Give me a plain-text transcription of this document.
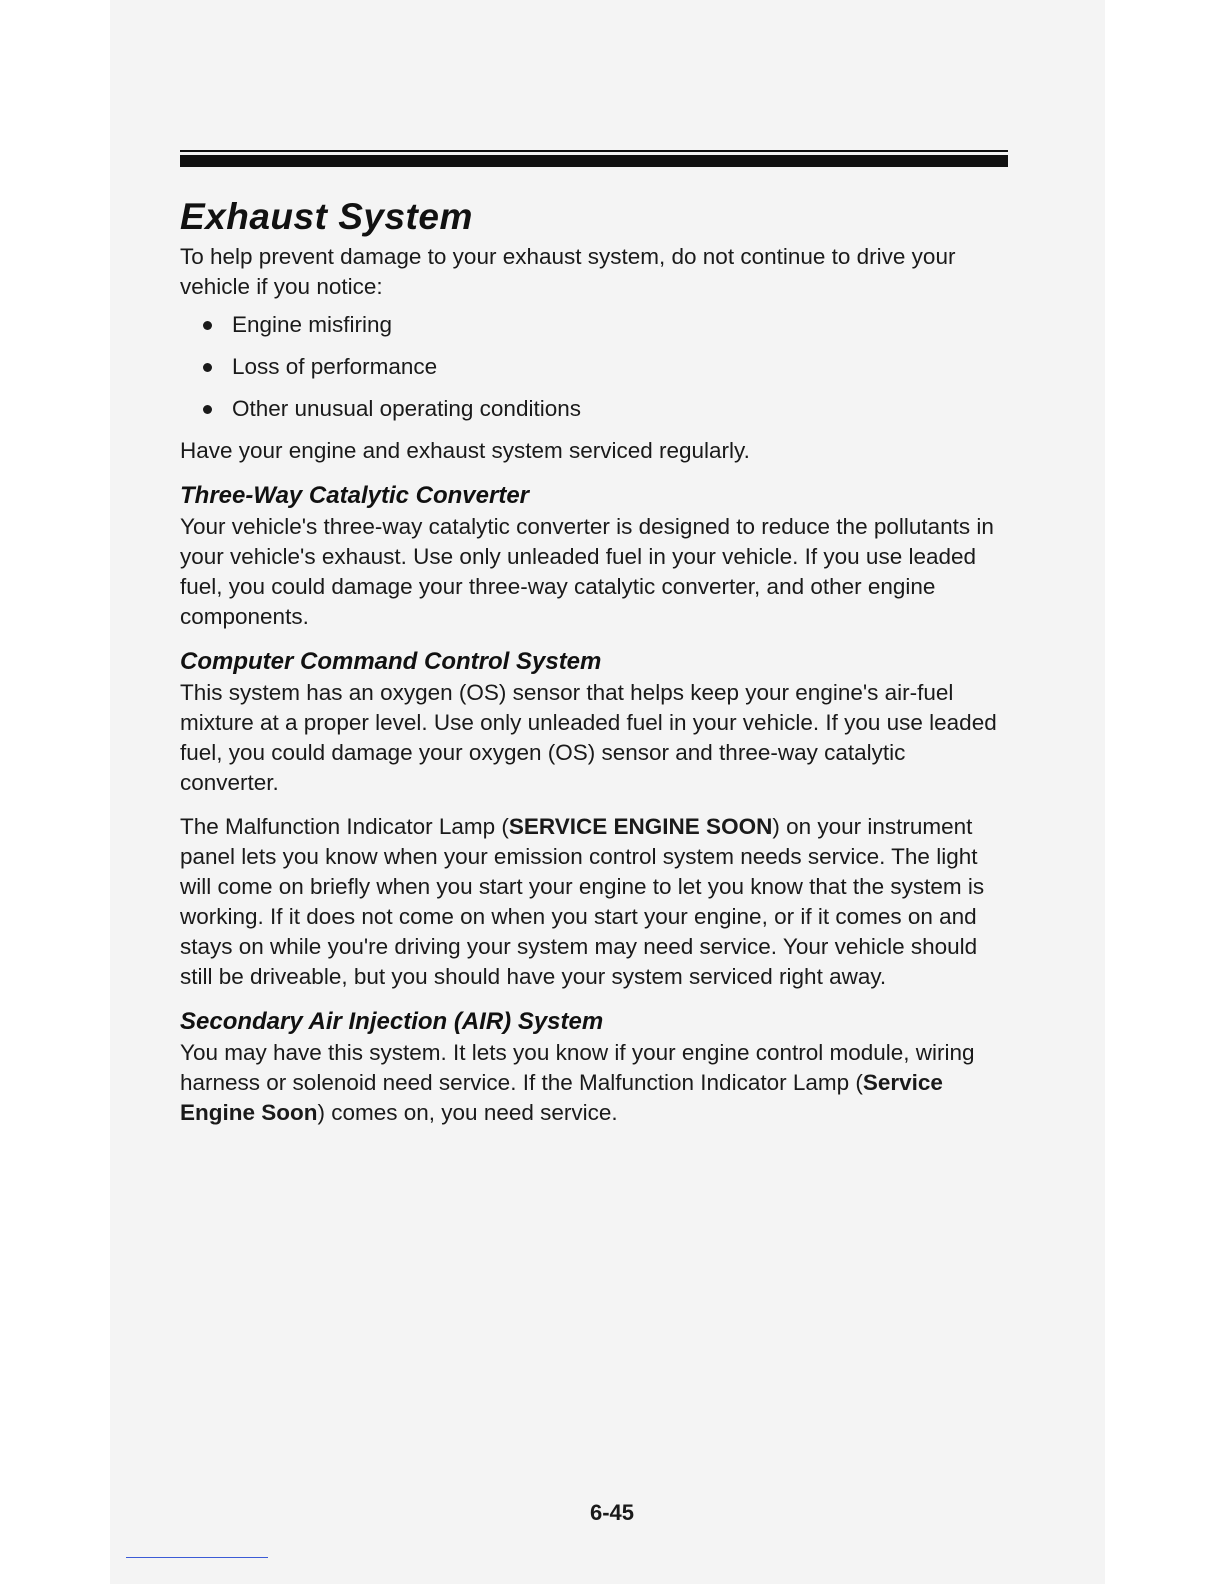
Exhaust System

To help prevent damage to your exhaust system, do not continue to drive your vehicle if you notice:

Engine misfiring
Loss of performance
Other unusual operating conditions

Have your engine and exhaust system serviced regularly.

Three-Way Catalytic Converter

Your vehicle's three-way catalytic converter is designed to reduce the pollutants in your vehicle's exhaust. Use only unleaded fuel in your vehicle. If you use leaded fuel, you could damage your three-way catalytic converter, and other engine components.

Computer Command Control System

This system has an oxygen (OS) sensor that helps keep your engine's air-fuel mixture at a proper level. Use only unleaded fuel in your vehicle. If you use leaded fuel, you could damage your oxygen (OS) sensor and three-way catalytic converter.

The Malfunction Indicator Lamp (SERVICE ENGINE SOON) on your instrument panel lets you know when your emission control system needs service. The light will come on briefly when you start your engine to let you know that the system is working. If it does not come on when you start your engine, or if it comes on and stays on while you're driving your system may need service. Your vehicle should still be driveable, but you should have your system serviced right away.

Secondary Air Injection (AIR) System

You may have this system. It lets you know if your engine control module, wiring harness or solenoid need service. If the Malfunction Indicator Lamp (Service Engine Soon) comes on, you need service.

6-45
